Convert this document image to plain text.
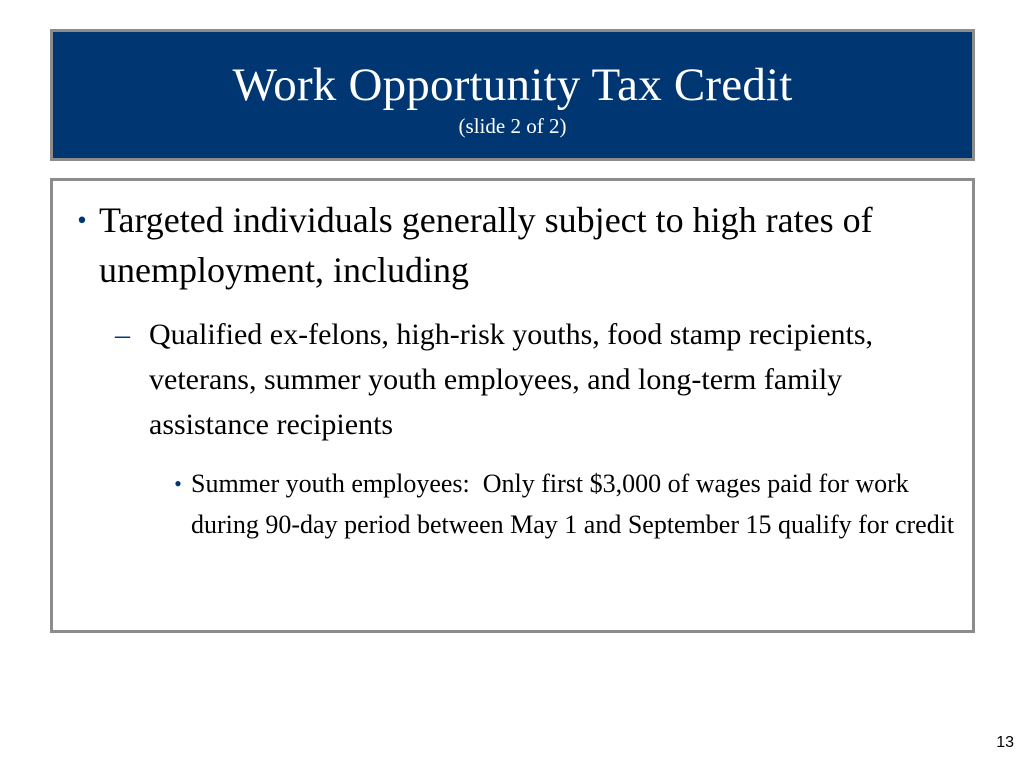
Work Opportunity Tax Credit
(slide 2 of 2)
• Targeted individuals generally subject to high rates of unemployment, including
– Qualified ex-felons, high-risk youths, food stamp recipients, veterans, summer youth employees, and long-term family assistance recipients
• Summer youth employees:  Only first $3,000 of wages paid for work during 90-day period between May 1 and September 15 qualify for credit
13
